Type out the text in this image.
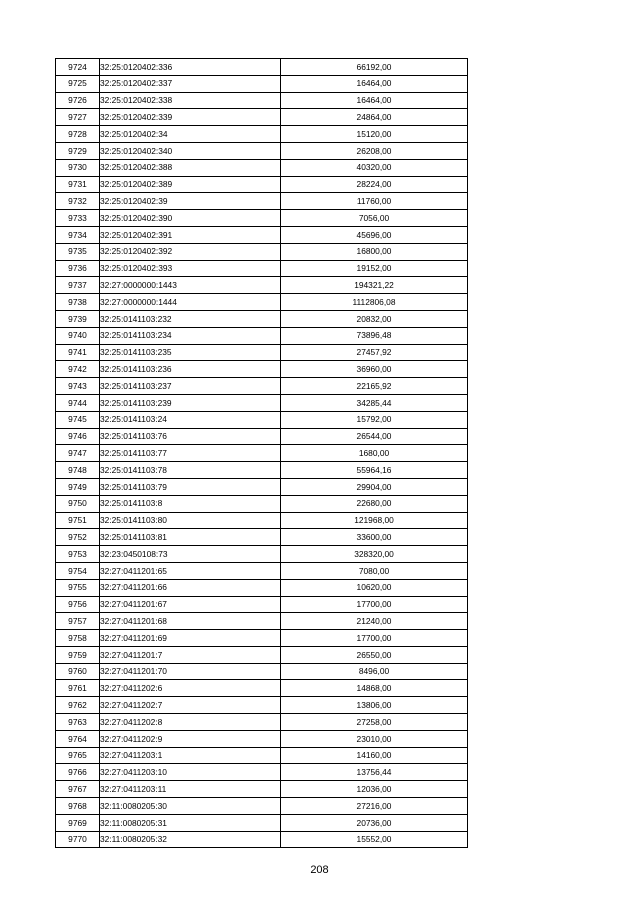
9724	32:25:0120402:336	66192,00
9725	32:25:0120402:337	16464,00
9726	32:25:0120402:338	16464,00
9727	32:25:0120402:339	24864,00
9728	32:25:0120402:34	15120,00
9729	32:25:0120402:340	26208,00
9730	32:25:0120402:388	40320,00
9731	32:25:0120402:389	28224,00
9732	32:25:0120402:39	11760,00
9733	32:25:0120402:390	7056,00
9734	32:25:0120402:391	45696,00
9735	32:25:0120402:392	16800,00
9736	32:25:0120402:393	19152,00
9737	32:27:0000000:1443	194321,22
9738	32:27:0000000:1444	1112806,08
9739	32:25:0141103:232	20832,00
9740	32:25:0141103:234	73896,48
9741	32:25:0141103:235	27457,92
9742	32:25:0141103:236	36960,00
9743	32:25:0141103:237	22165,92
9744	32:25:0141103:239	34285,44
9745	32:25:0141103:24	15792,00
9746	32:25:0141103:76	26544,00
9747	32:25:0141103:77	1680,00
9748	32:25:0141103:78	55964,16
9749	32:25:0141103:79	29904,00
9750	32:25:0141103:8	22680,00
9751	32:25:0141103:80	121968,00
9752	32:25:0141103:81	33600,00
9753	32:23:0450108:73	328320,00
9754	32:27:0411201:65	7080,00
9755	32:27:0411201:66	10620,00
9756	32:27:0411201:67	17700,00
9757	32:27:0411201:68	21240,00
9758	32:27:0411201:69	17700,00
9759	32:27:0411201:7	26550,00
9760	32:27:0411201:70	8496,00
9761	32:27:0411202:6	14868,00
9762	32:27:0411202:7	13806,00
9763	32:27:0411202:8	27258,00
9764	32:27:0411202:9	23010,00
9765	32:27:0411203:1	14160,00
9766	32:27:0411203:10	13756,44
9767	32:27:0411203:11	12036,00
9768	32:11:0080205:30	27216,00
9769	32:11:0080205:31	20736,00
9770	32:11:0080205:32	15552,00
208
